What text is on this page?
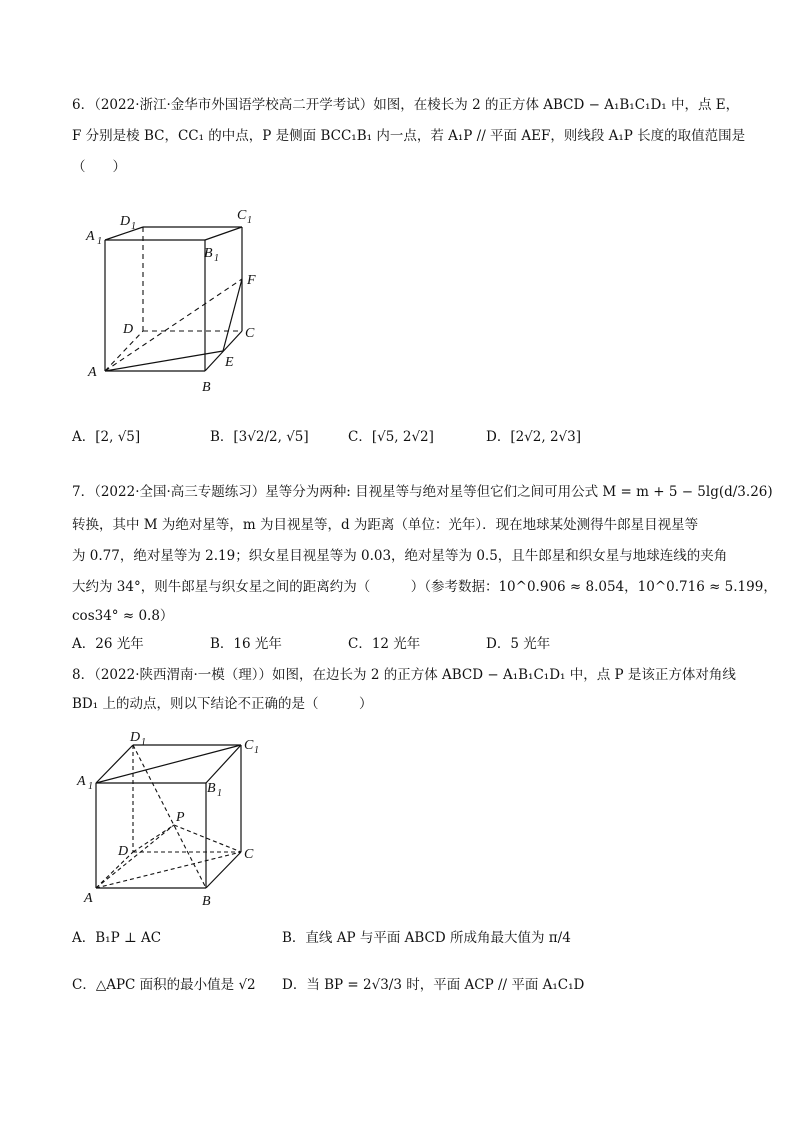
6．（2022·浙江·金华市外国语学校高二开学考试）如图，在棱长为 2 的正方体 ABCD − A₁B₁C₁D₁ 中，点 E，
F 分别是棱 BC，CC₁ 的中点，P 是侧面 BCC₁B₁ 内一点，若 A₁P // 平面 AEF，则线段 A₁P 长度的取值范围是
（　　）
A
B
C
D
E
F
A 1
B 1
C 1
D 1
A．[2, √5]	B．[3√2/2, √5]	C．[√5, 2√2]	D．[2√2, 2√3]
7．（2022·全国·高三专题练习）星等分为两种: 目视星等与绝对星等但它们之间可用公式 M = m + 5 − 5lg(d/3.26)
转换，其中 M 为绝对星等，m 为目视星等，d 为距离（单位：光年）．现在地球某处测得牛郎星目视星等
为 0.77，绝对星等为 2.19；织女星目视星等为 0.03，绝对星等为 0.5，且牛郎星和织女星与地球连线的夹角
大约为 34°，则牛郎星与织女星之间的距离约为（　　　）（参考数据：10^0.906 ≈ 8.054，10^0.716 ≈ 5.199，
cos34° ≈ 0.8）
A．26 光年	B．16 光年	C．12 光年	D．5 光年
8．（2022·陕西渭南·一模（理））如图，在边长为 2 的正方体 ABCD − A₁B₁C₁D₁ 中，点 P 是该正方体对角线
BD₁ 上的动点，则以下结论不正确的是（　　　）
A	B
C
D
P
A 1	B 1
C 1
D 1
A．B₁P ⊥ AC	B．直线 AP 与平面 ABCD 所成角最大值为 π/4
C．△APC 面积的最小值是 √2 D．当 BP = 2√3/3 时，平面 ACP // 平面 A₁C₁D
